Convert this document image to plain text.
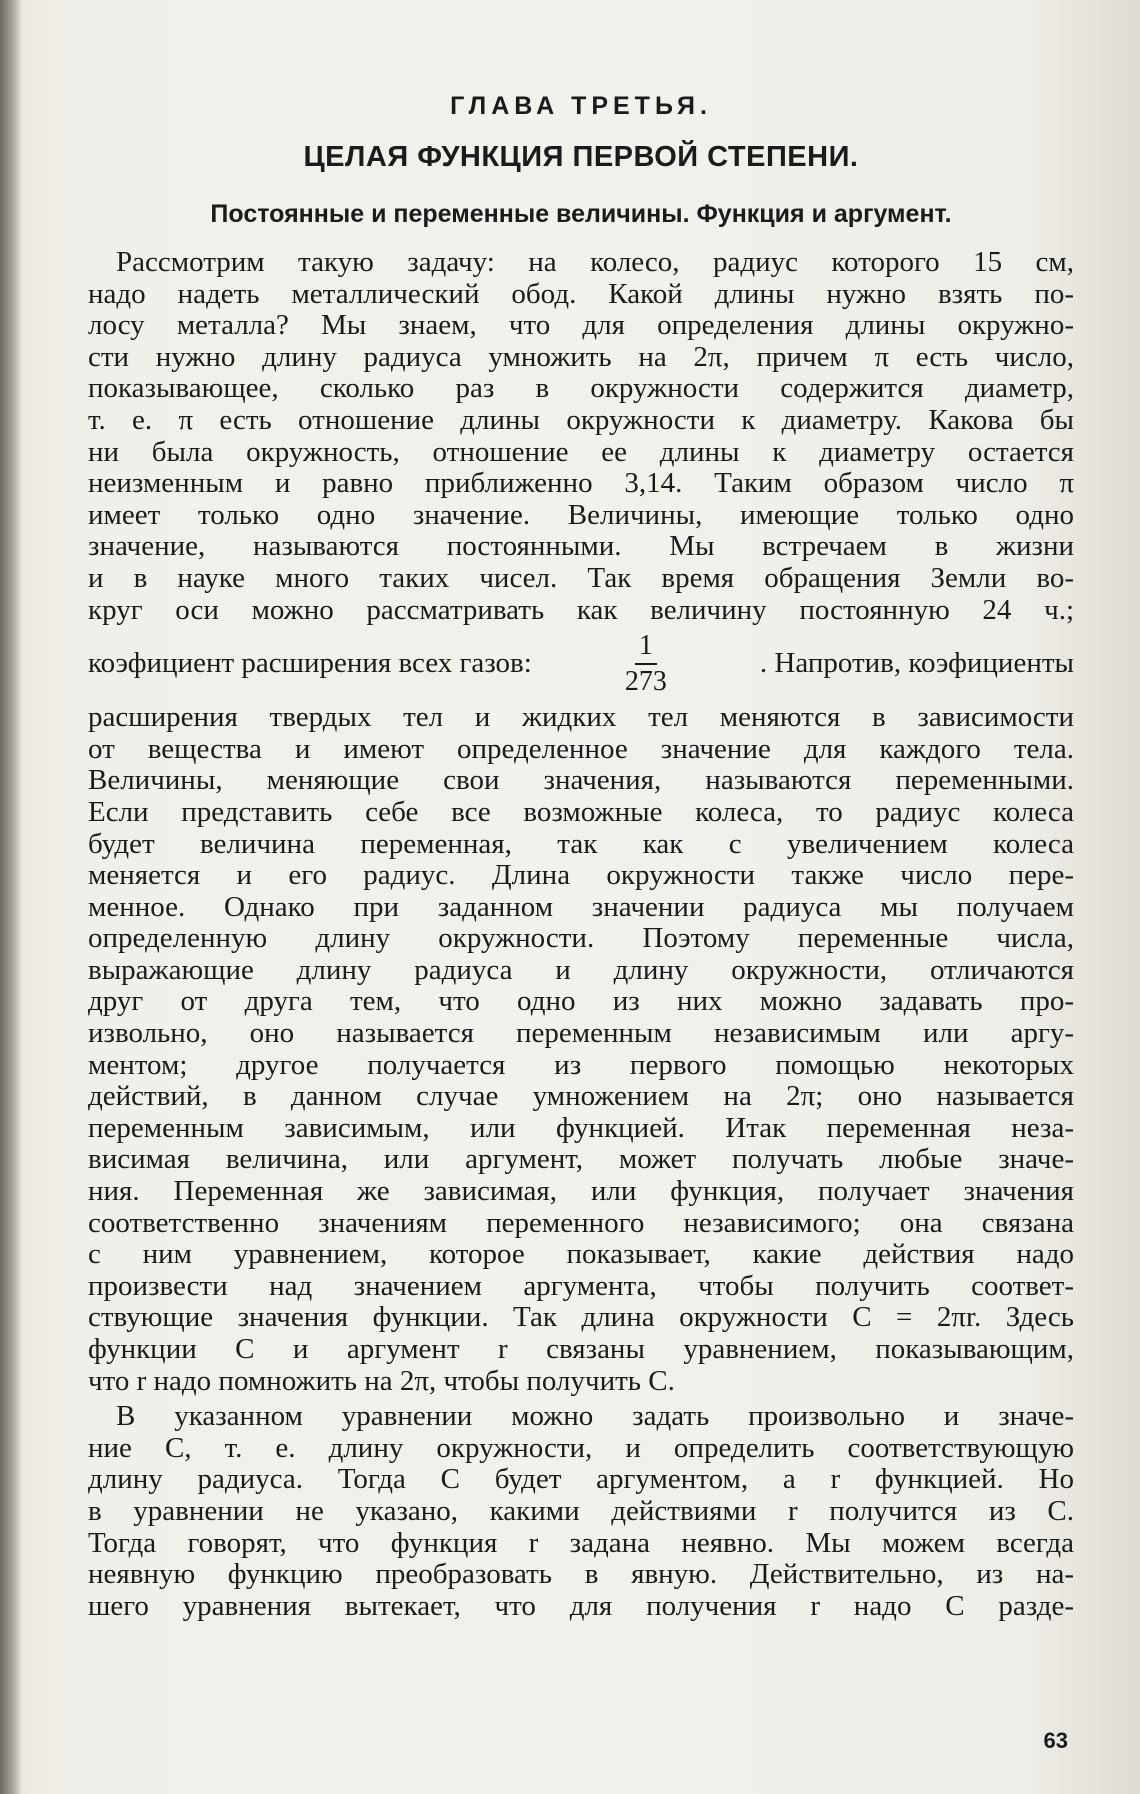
ГЛАВА ТРЕТЬЯ.
ЦЕЛАЯ ФУНКЦИЯ ПЕРВОЙ СТЕПЕНИ.
Постоянные и переменные величины. Функция и аргумент.
Рассмотрим такую задачу: на колесо, радиус которого 15 см,
надо надеть металлический обод. Какой длины нужно взять по-
лосу металла? Мы знаем, что для определения длины окружно-
сти нужно длину радиуса умножить на 2π, причем π есть число,
показывающее, сколько раз в окружности содержится диаметр,
т. е. π есть отношение длины окружности к диаметру. Какова бы
ни была окружность, отношение ее длины к диаметру остается
неизменным и равно приближенно 3,14. Таким образом число π
имеет только одно значение. Величины, имеющие только одно
значение, называются постоянными. Мы встречаем в жизни
и в науке много таких чисел. Так время обращения Земли во-
круг оси можно рассматривать как величину постоянную 24 ч.;
коэфициент расширения всех газов:	$\frac{1}{273}$	. Напротив, коэфициенты
расширения твердых тел и жидких тел меняются в зависимости
от вещества и имеют определенное значение для каждого тела.
Величины, меняющие свои значения, называются переменными.
Если представить себе все возможные колеса, то радиус колеса
будет величина переменная, так как с увеличением колеса
меняется и его радиус. Длина окружности также число пере-
менное. Однако при заданном значении радиуса мы получаем
определенную длину окружности. Поэтому переменные числа,
выражающие длину радиуса и длину окружности, отличаются
друг от друга тем, что одно из них можно задавать про-
извольно, оно называется переменным независимым или аргу-
ментом; другое получается из первого помощью некоторых
действий, в данном случае умножением на 2π; оно называется
переменным зависимым, или функцией. Итак переменная неза-
висимая величина, или аргумент, может получать любые значе-
ния. Переменная же зависимая, или функция, получает значения
соответственно значениям переменного независимого; она связана
с ним уравнением, которое показывает, какие действия надо
произвести над значением аргумента, чтобы получить соответ-
ствующие значения функции. Так длина окружности C = 2πr. Здесь
функции C и аргумент r связаны уравнением, показывающим,
что r надо помножить на 2π, чтобы получить C.
В указанном уравнении можно задать произвольно и значе-
ние C, т. е. длину окружности, и определить соответствующую
длину радиуса. Тогда C будет аргументом, а r функцией. Но
в уравнении не указано, какими действиями r получится из C.
Тогда говорят, что функция r задана неявно. Мы можем всегда
неявную функцию преобразовать в явную. Действительно, из на-
шего уравнения вытекает, что для получения r надо C разде-
63
